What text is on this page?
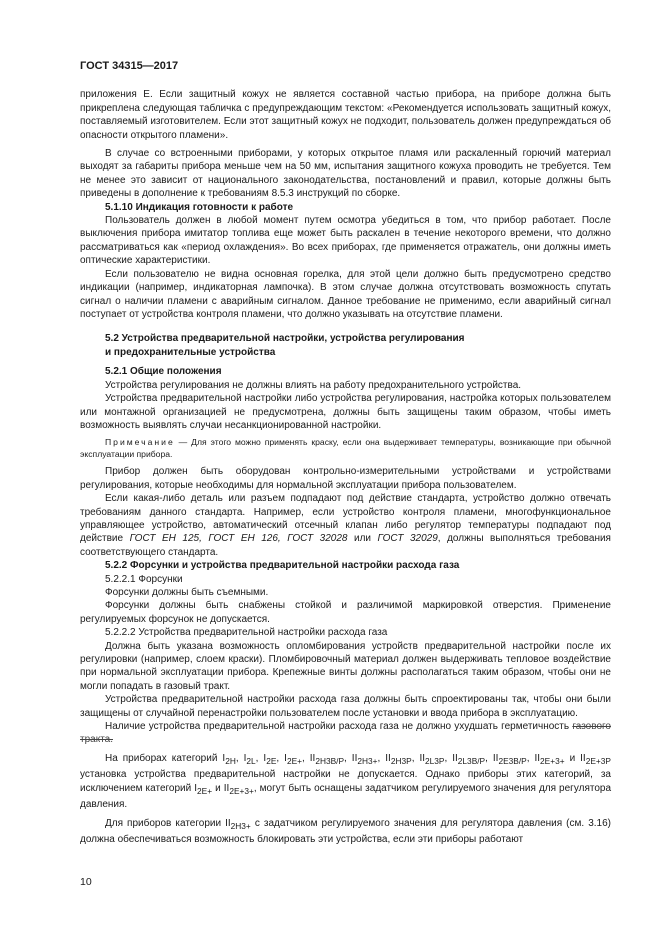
ГОСТ 34315—2017

приложения Е. Если защитный кожух не является составной частью прибора, на приборе должна быть прикреплена следующая табличка с предупреждающим текстом: «Рекомендуется использовать защитный кожух, поставляемый изготовителем. Если этот защитный кожух не подходит, пользователь должен предупреждаться об опасности открытого пламени».

В случае со встроенными приборами, у которых открытое пламя или раскаленный горючий материал выходят за габариты прибора меньше чем на 50 мм, испытания защитного кожуха проводить не требуется. Тем не менее это зависит от национального законодательства, постановлений и правил, которые должны быть приведены в дополнение к требованиям 8.5.3 инструкций по сборке.

5.1.10 Индикация готовности к работе

Пользователь должен в любой момент путем осмотра убедиться в том, что прибор работает. После выключения прибора имитатор топлива еще может быть раскален в течение некоторого времени, что должно рассматриваться как «период охлаждения». Во всех приборах, где применяется отражатель, они должны иметь оптические характеристики.

Если пользователю не видна основная горелка, для этой цели должно быть предусмотрено средство индикации (например, индикаторная лампочка). В этом случае должна отсутствовать возможность спутать сигнал о наличии пламени с аварийным сигналом. Данное требование не применимо, если аварийный сигнал поступает от устройства контроля пламени, что должно указывать на отсутствие пламени.

5.2 Устройства предварительной настройки, устройства регулирования
и предохранительные устройства
5.2.1 Общие положения

Устройства регулирования не должны влиять на работу предохранительного устройства.

Устройства предварительной настройки либо устройства регулирования, настройка которых пользователем или монтажной организацией не предусмотрена, должны быть защищены таким образом, чтобы иметь возможность выявлять случаи несанкционированной настройки.

Примечание — Для этого можно применять краску, если она выдерживает температуры, возникающие при обычной эксплуатации прибора.

Прибор должен быть оборудован контрольно-измерительными устройствами и устройствами регулирования, которые необходимы для нормальной эксплуатации прибора пользователем.

Если какая-либо деталь или разъем подпадают под действие стандарта, устройство должно отвечать требованиям данного стандарта. Например, если устройство контроля пламени, многофункциональное управляющее устройство, автоматический отсечный клапан либо регулятор температуры подпадают под действие ГОСТ ЕН 125, ГОСТ ЕН 126, ГОСТ 32028 или ГОСТ 32029, должны выполняться требования соответствующего стандарта.

5.2.2 Форсунки и устройства предварительной настройки расхода газа

5.2.2.1 Форсунки

Форсунки должны быть съемными.

Форсунки должны быть снабжены стойкой и различимой маркировкой отверстия. Применение регулируемых форсунок не допускается.

5.2.2.2 Устройства предварительной настройки расхода газа

Должна быть указана возможность опломбирования устройств предварительной настройки после их регулировки (например, слоем краски). Пломбировочный материал должен выдерживать тепловое воздействие при нормальной эксплуатации прибора. Крепежные винты должны располагаться таким образом, чтобы они не могли попадать в газовый тракт.

Устройства предварительной настройки расхода газа должны быть спроектированы так, чтобы они были защищены от случайной перенастройки пользователем после установки и ввода прибора в эксплуатацию.

Наличие устройства предварительной настройки расхода газа не должно ухудшать герметичность газового тракта.

На приборах категорий $I_{2H}$, $I_{2L}$, $I_{2E}$, $I_{2E+}$, $II_{2H3B/P}$, $II_{2H3+}$, $II_{2H3P}$, $II_{2L3P}$, $II_{2L3B/P}$, $II_{2E3B/P}$, $II_{2E+3+}$ и $II_{2E+3P}$ установка устройства предварительной настройки не допускается. Однако приборы этих категорий, за исключением категорий $I_{2E+}$ и $II_{2E+3+}$, могут быть оснащены задатчиком регулируемого значения для регулятора давления.

Для приборов категории $II_{2H3+}$ с задатчиком регулируемого значения для регулятора давления (см. 3.16) должна обеспечиваться возможность блокировать эти устройства, если эти приборы работают

10
